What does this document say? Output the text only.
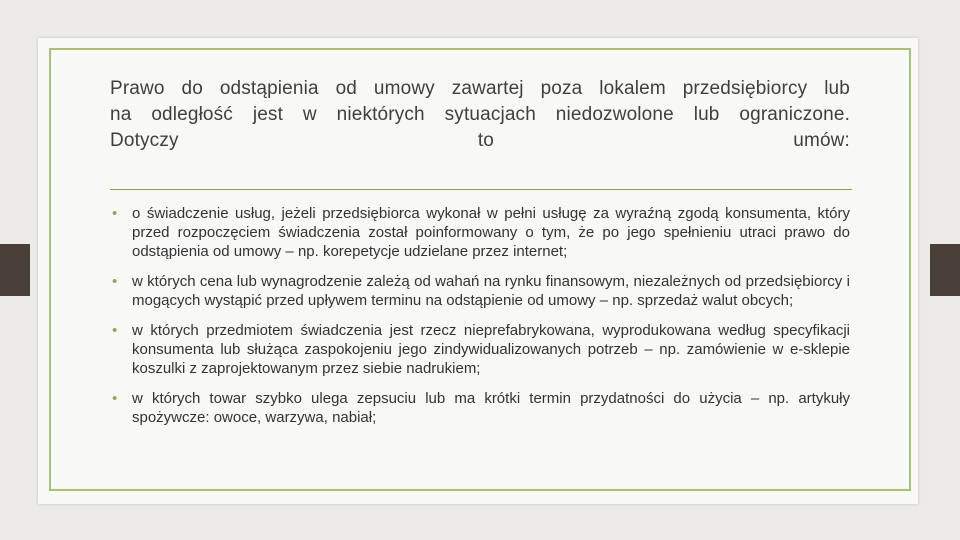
Prawo do odstąpienia od umowy zawartej poza lokalem przedsiębiorcy lub
na odległość jest w niektórych sytuacjach niedozwolone lub ograniczone.
Dotyczy to umów:
• o świadczenie usług, jeżeli przedsiębiorca wykonał w pełni usługę za wyraźną zgodą konsumenta, który przed rozpoczęciem świadczenia został poinformowany o tym, że po jego spełnieniu utraci prawo do odstąpienia od umowy – np. korepetycje udzielane przez internet;
• w których cena lub wynagrodzenie zależą od wahań na rynku finansowym, niezależnych od przedsiębiorcy i mogących wystąpić przed upływem terminu na odstąpienie od umowy – np. sprzedaż walut obcych;
• w których przedmiotem świadczenia jest rzecz nieprefabrykowana, wyprodukowana według specyfikacji konsumenta lub służąca zaspokojeniu jego zindywidualizowanych potrzeb – np. zamówienie w e-sklepie koszulki z zaprojektowanym przez siebie nadrukiem;
• w których towar szybko ulega zepsuciu lub ma krótki termin przydatności do użycia – np. artykuły spożywcze: owoce, warzywa, nabiał;
